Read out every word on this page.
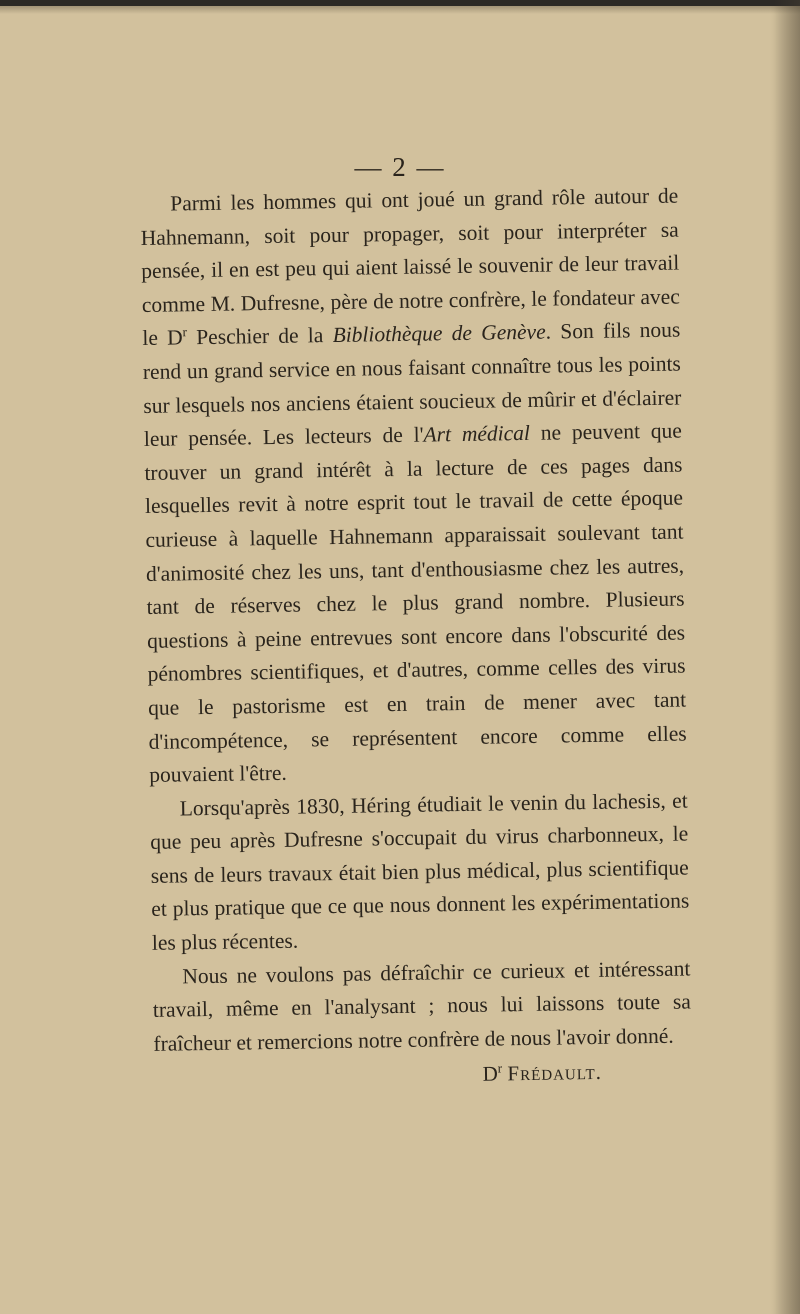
— 2 —

Parmi les hommes qui ont joué un grand rôle autour de Hahnemann, soit pour propager, soit pour interpréter sa pensée, il en est peu qui aient laissé le souvenir de leur travail comme M. Dufresne, père de notre confrère, le fondateur avec le $D^r$ Peschier de la Bibliothèque de Genève. Son fils nous rend un grand service en nous faisant connaître tous les points sur lesquels nos anciens étaient soucieux de mûrir et d'éclairer leur pensée. Les lecteurs de l'Art médical ne peuvent que trouver un grand intérêt à la lecture de ces pages dans lesquelles revit à notre esprit tout le travail de cette époque curieuse à laquelle Hahnemann apparaissait soulevant tant d'animosité chez les uns, tant d'enthousiasme chez les autres, tant de réserves chez le plus grand nombre. Plusieurs questions à peine entrevues sont encore dans l'obscurité des pénombres scientifiques, et d'autres, comme celles des virus que le pastorisme est en train de mener avec tant d'incompétence, se représentent encore comme elles pouvaient l'être.

Lorsqu'après 1830, Héring étudiait le venin du lachesis, et que peu après Dufresne s'occupait du virus charbonneux, le sens de leurs travaux était bien plus médical, plus scientifique et plus pratique que ce que nous donnent les expérimentations les plus récentes.

Nous ne voulons pas défraîchir ce curieux et intéressant travail, même en l'analysant ; nous lui laissons toute sa fraîcheur et remercions notre confrère de nous l'avoir donné.

$D^r$ Frédault.
